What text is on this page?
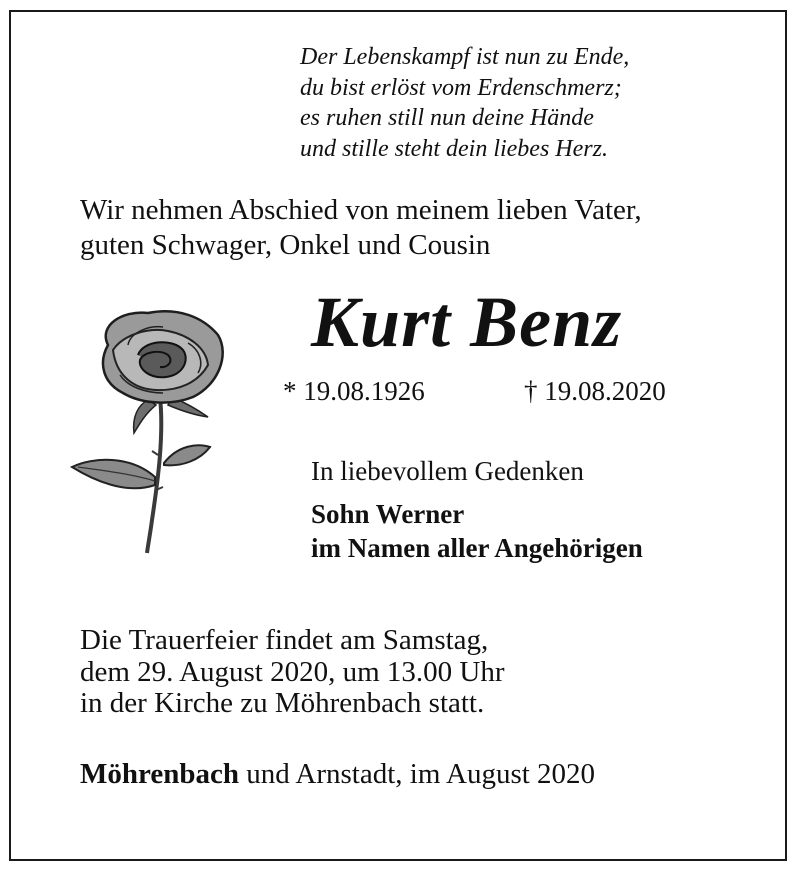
Der Lebenskampf ist nun zu Ende,
du bist erlöst vom Erdenschmerz;
es ruhen still nun deine Hände
und stille steht dein liebes Herz.
Wir nehmen Abschied von meinem lieben Vater,
guten Schwager, Onkel und Cousin
Kurt Benz
* 19.08.1926	† 19.08.2020
In liebevollem Gedenken
Sohn Werner
im Namen aller Angehörigen
Die Trauerfeier findet am Samstag,
dem 29. August 2020, um 13.00 Uhr
in der Kirche zu Möhrenbach statt.
Möhrenbach und Arnstadt, im August 2020
